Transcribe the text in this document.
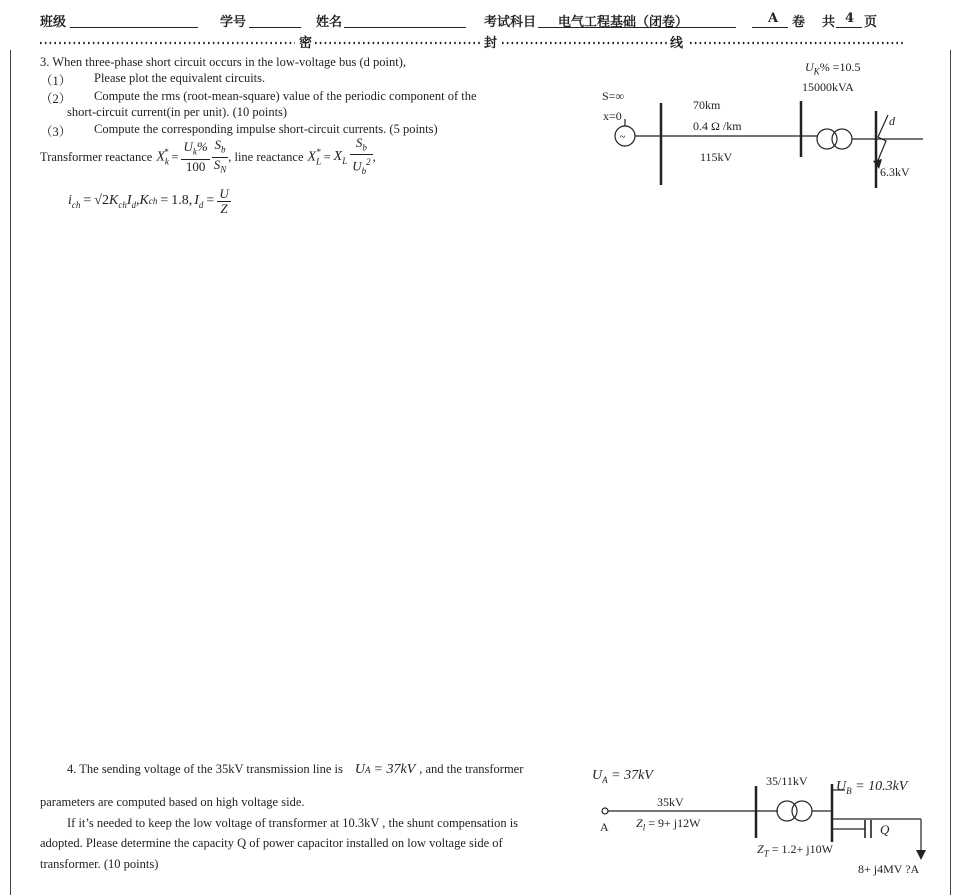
班级	学号	姓名	考试科目 电气工程基础（闭卷）	A 卷 共 4 页
密	封	线
3. When three-phase short circuit occurs in the low-voltage bus (d point),
（1） Please plot the equivalent circuits.
（2） Compute the rms (root-mean-square) value of the periodic component of the
short-circuit current(in per unit). (10 points)
（3） Compute the corresponding impulse short-circuit currents. (5 points)
Transformer reactance $X_k^* = \frac{U_k\%}{100} \frac{S_b}{S_N}$ , line reactance $X_L^* = X_L \frac{S_b}{U_b^2}$ ,
$i_{ch} = √2$ $K_{ch}I_d$ , K ch = 1.8 , $I_d = \frac{U}{Z}$
~
S=∞
x=0
70km
0.4 Ω /km
115kV
$U_K\% =10.5$
15000kVA
d
6.3kV
4. The sending voltage of the 35kV transmission line is U A = 37kV , and the transformer
parameters are computed based on high voltage side.
If it’s needed to keep the low voltage of transformer at 10.3kV , the shunt compensation is
adopted. Please determine the capacity Q of power capacitor installed on low voltage side of
transformer. (10 points)
$U_A = 37kV$
A
35kV
$Z_l = 9+ j12W$
35/11kV $U_B = 10.3kV$
$Z_T = 1.2+ j10W$
Q
8+ j4MV ?A
